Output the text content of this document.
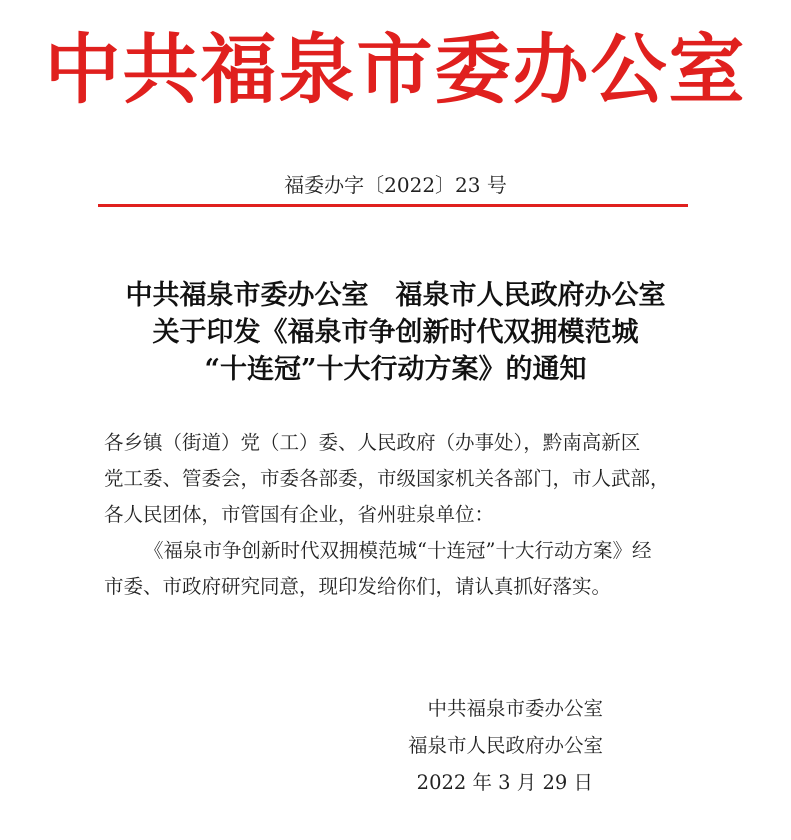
中共福泉市委办公室
福委办字〔2022〕23 号
中共福泉市委办公室　福泉市人民政府办公室
关于印发《福泉市争创新时代双拥模范城
“十连冠”十大行动方案》的通知
各乡镇（街道）党（工）委、人民政府（办事处），黔南高新区
党工委、管委会，市委各部委，市级国家机关各部门，市人武部，
各人民团体，市管国有企业，省州驻泉单位：
《福泉市争创新时代双拥模范城“十连冠”十大行动方案》经
市委、市政府研究同意，现印发给你们，请认真抓好落实。
中共福泉市委办公室
福泉市人民政府办公室
2022 年 3 月 29 日
